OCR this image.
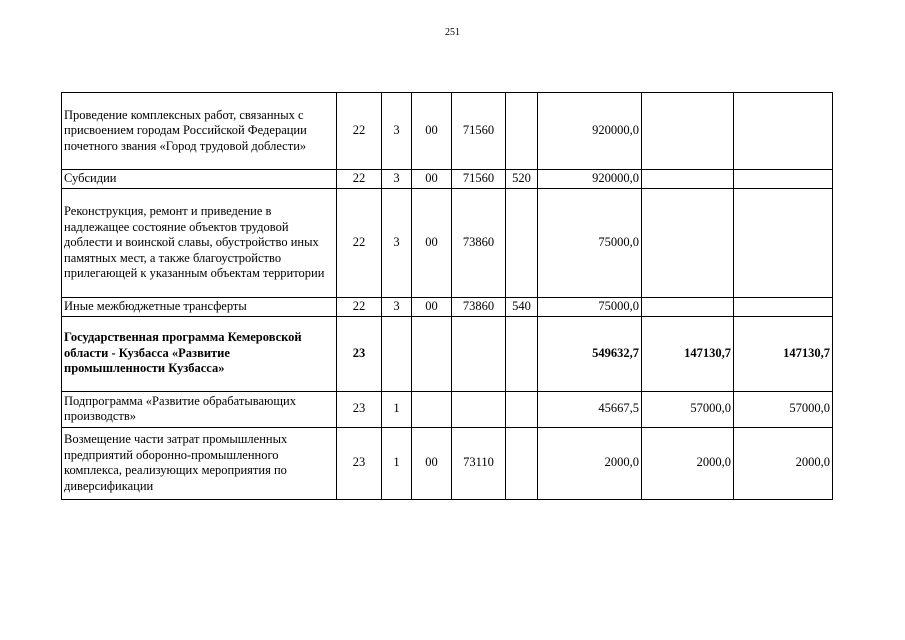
251
Проведение комплексных работ, связанных с присвоением городам Российской Федерации почетного звания «Город трудовой доблести»	22	3	00	71560		920000,0		
Субсидии	22	3	00	71560	520	920000,0		
Реконструкция, ремонт и приведение в надлежащее состояние объектов трудовой доблести и воинской славы, обустройство иных памятных мест, а также благоустройство прилегающей к указанным объектам территории	22	3	00	73860		75000,0		
Иные межбюджетные трансферты	22	3	00	73860	540	75000,0		
Государственная программа Кемеровской области - Кузбасса «Развитие промышленности Кузбасса»	23					549632,7	147130,7	147130,7
Подпрограмма «Развитие обрабатывающих производств»	23	1				45667,5	57000,0	57000,0
Возмещение части затрат промышленных предприятий оборонно-промышленного комплекса, реализующих мероприятия по диверсификации	23	1	00	73110		2000,0	2000,0	2000,0
